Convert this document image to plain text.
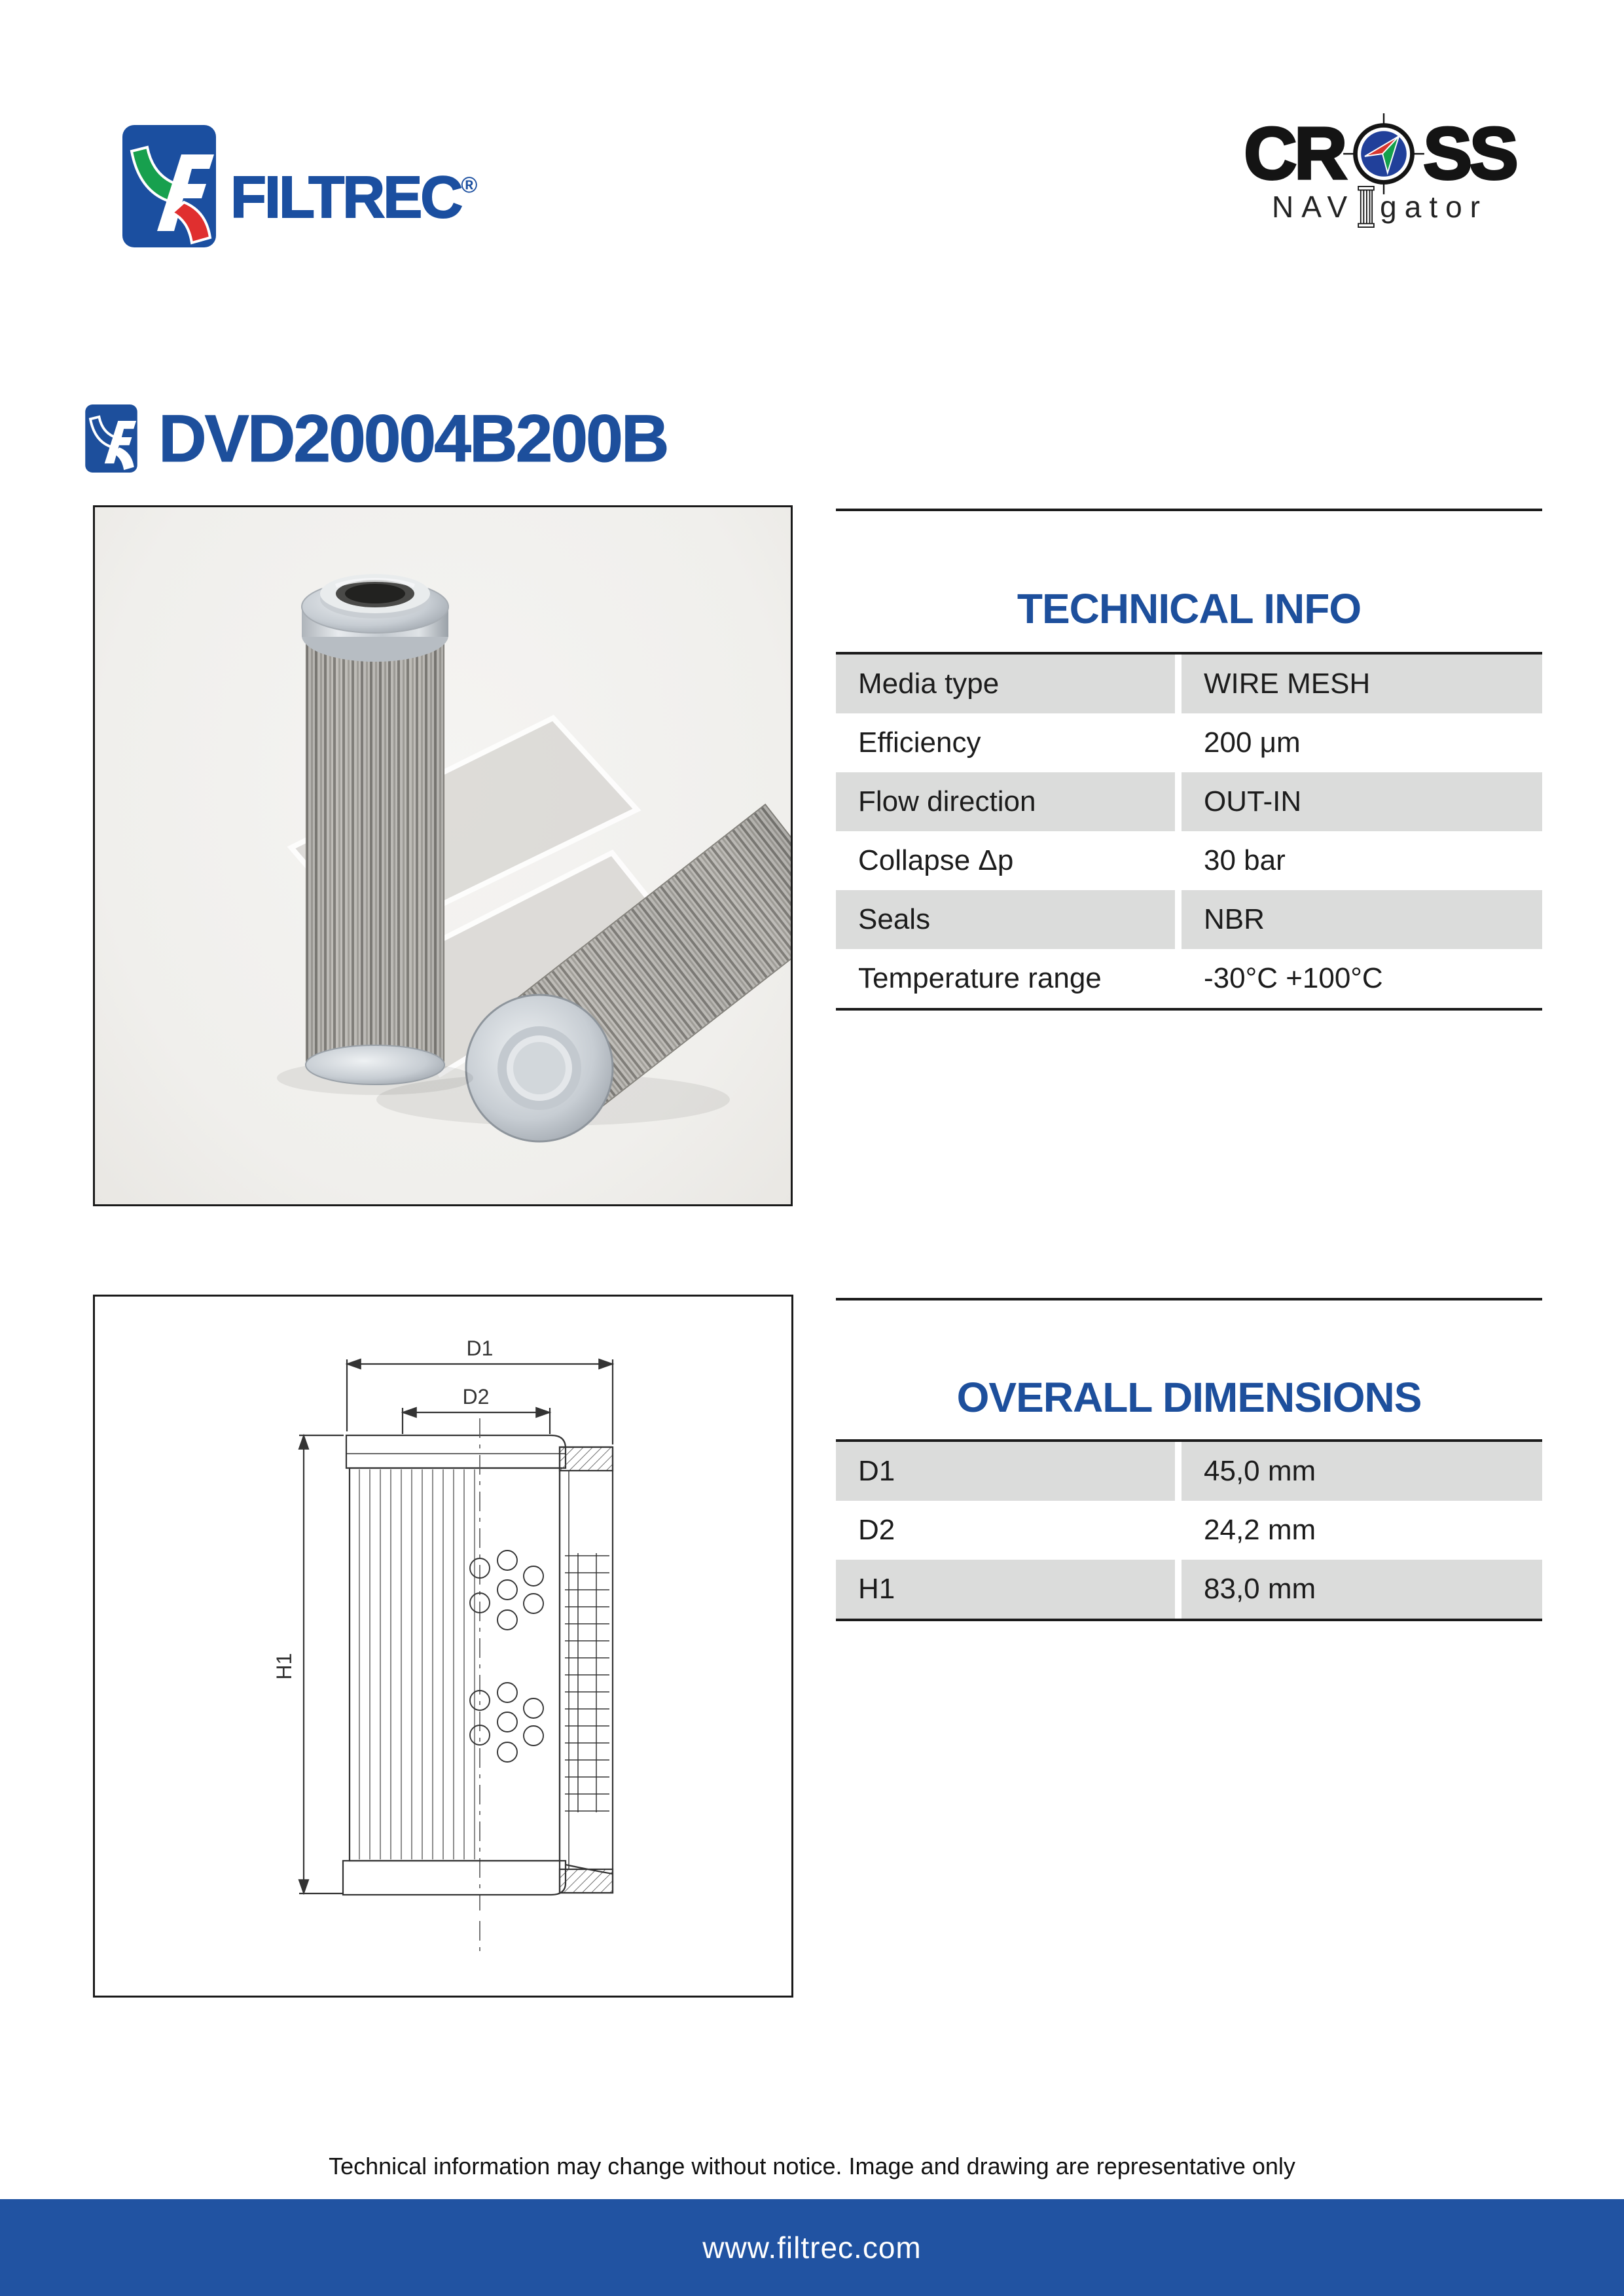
FILTREC®	CR SS
NAV gator
DVD20004B200B
TECHNICAL INFO
Media type	WIRE MESH
Efficiency	200 μm
Flow direction	OUT-IN
Collapse Δp	30 bar
Seals	NBR
Temperature range	-30°C +100°C
D1
D2
H1
OVERALL DIMENSIONS
D1	45,0 mm
D2	24,2 mm
H1	83,0 mm
Technical information may change without notice. Image and drawing are representative only
www.filtrec.com
